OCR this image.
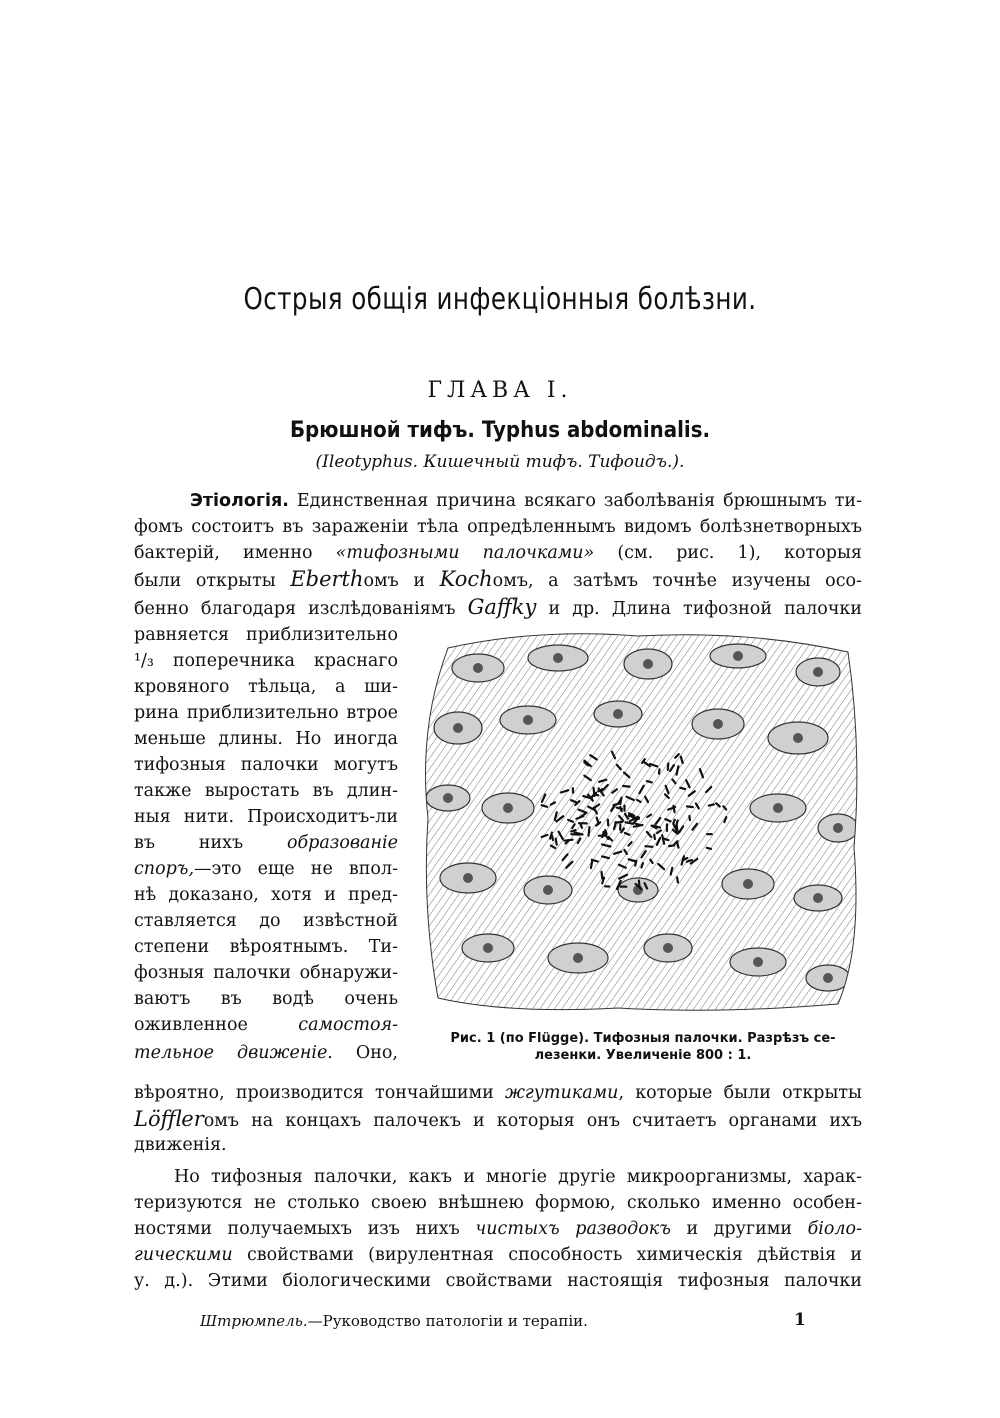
Острыя общія инфекціонныя болѣзни.
ГЛАВА I.
Брюшной тифъ. Typhus abdominalis.
(Ileotyphus. Кишечный тифъ. Тифоидъ.).
Этіологія. Единственная причина всякаго заболѣванія брюшнымъ ти-
фомъ состоитъ въ зараженіи тѣла опредѣленнымъ видомъ болѣзнетворныхъ
бактерій, именно «тифозными палочками» (см. рис. 1), которыя
были открыты Eberthомъ и Kochомъ, а затѣмъ точнѣе изучены осо-
бенно благодаря изслѣдованіямъ Gaffky и др. Длина тифозной палочки
равняется приблизительно
¹/₃ поперечника краснаго
кровяного тѣльца, а ши-
рина приблизительно втрое
меньше длины. Но иногда
тифозныя палочки могутъ
также выростать въ длин-
ныя нити. Происходитъ-ли
въ нихъ	образованіе
споръ,—это еще не впол-
нѣ доказано, хотя и пред-
ставляется до извѣстной
степени вѣроятнымъ. Ти-
фозныя палочки обнаружи-
ваютъ въ водѣ очень
оживленное	самостоя-
тельное движеніе. Оно,
Рис. 1 (по Flügge). Тифозныя палочки. Разрѣзъ се-
лезенки. Увеличеніе 800 : 1.
вѣроятно, производится тончайшими жгутиками, которые были открыты
Löfflerомъ на концахъ палочекъ и которыя онъ считаетъ органами ихъ
движенія.
Но тифозныя палочки, какъ и многіе другіе микроорганизмы, харак-
теризуются не столько своею внѣшнею формою, сколько именно особен-
ностями получаемыхъ изъ нихъ чистыхъ разводокъ и другими біоло-
гическими свойствами (вирулентная способность химическія дѣйствія и
у. д.). Этими біологическими свойствами настоящія тифозныя палочки
Штрюмпель.—Руководство патологіи и терапіи.	1
